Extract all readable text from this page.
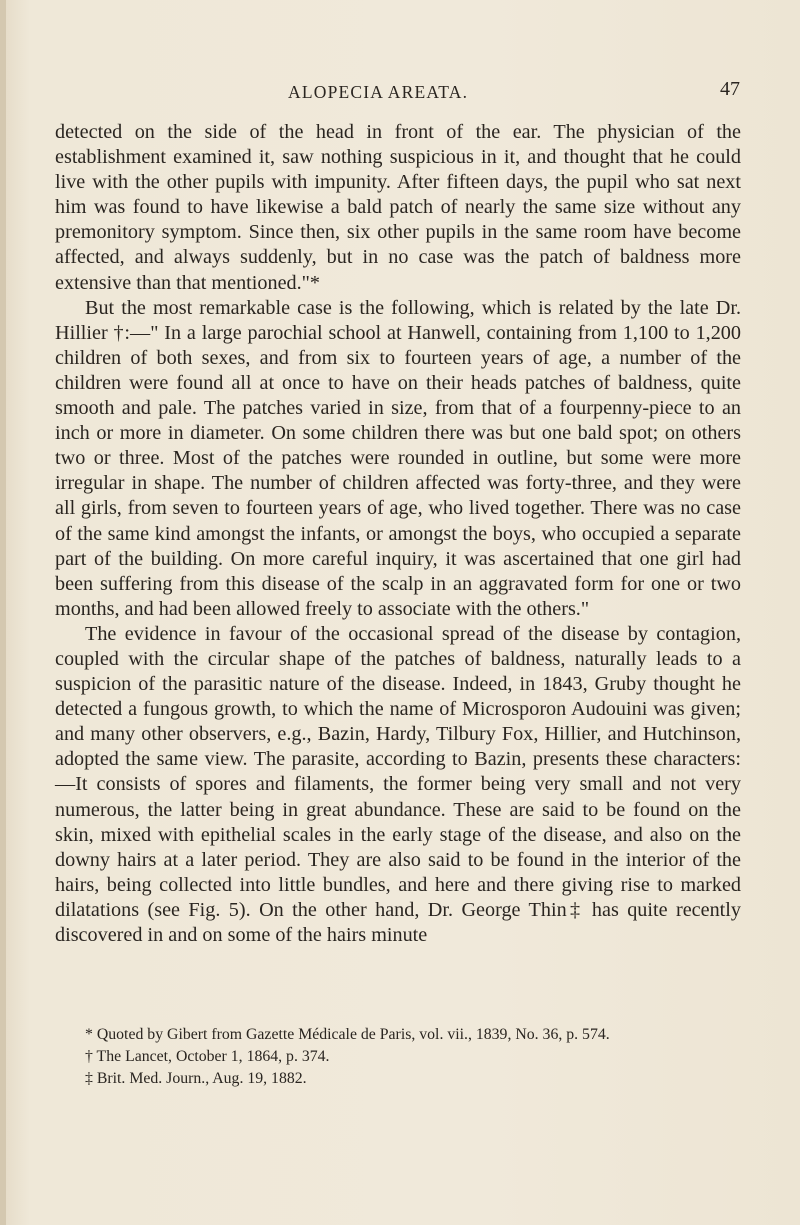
ALOPECIA AREATA.	47

detected on the side of the head in front of the ear. The physician of the establishment examined it, saw nothing suspicious in it, and thought that he could live with the other pupils with impunity. After fifteen days, the pupil who sat next him was found to have likewise a bald patch of nearly the same size without any premonitory symptom. Since then, six other pupils in the same room have become affected, and always suddenly, but in no case was the patch of baldness more extensive than that mentioned."*

But the most remarkable case is the following, which is related by the late Dr. Hillier †:—" In a large parochial school at Hanwell, containing from 1,100 to 1,200 children of both sexes, and from six to fourteen years of age, a number of the children were found all at once to have on their heads patches of baldness, quite smooth and pale. The patches varied in size, from that of a fourpenny-piece to an inch or more in diameter. On some children there was but one bald spot; on others two or three. Most of the patches were rounded in outline, but some were more irregular in shape. The number of children affected was forty-three, and they were all girls, from seven to fourteen years of age, who lived together. There was no case of the same kind amongst the infants, or amongst the boys, who occupied a separate part of the building. On more careful inquiry, it was ascertained that one girl had been suffering from this disease of the scalp in an aggravated form for one or two months, and had been allowed freely to associate with the others."

The evidence in favour of the occasional spread of the disease by contagion, coupled with the circular shape of the patches of baldness, naturally leads to a suspicion of the parasitic nature of the disease. Indeed, in 1843, Gruby thought he detected a fungous growth, to which the name of Microsporon Audouini was given; and many other observers, e.g., Bazin, Hardy, Tilbury Fox, Hillier, and Hutchinson, adopted the same view. The parasite, according to Bazin, presents these characters:—It consists of spores and filaments, the former being very small and not very numerous, the latter being in great abundance. These are said to be found on the skin, mixed with epithelial scales in the early stage of the disease, and also on the downy hairs at a later period. They are also said to be found in the interior of the hairs, being collected into little bundles, and here and there giving rise to marked dilatations (see Fig. 5). On the other hand, Dr. George Thin‡ has quite recently discovered in and on some of the hairs minute

* Quoted by Gibert from Gazette Médicale de Paris, vol. vii., 1839, No. 36, p. 574.

† The Lancet, October 1, 1864, p. 374.

‡ Brit. Med. Journ., Aug. 19, 1882.
